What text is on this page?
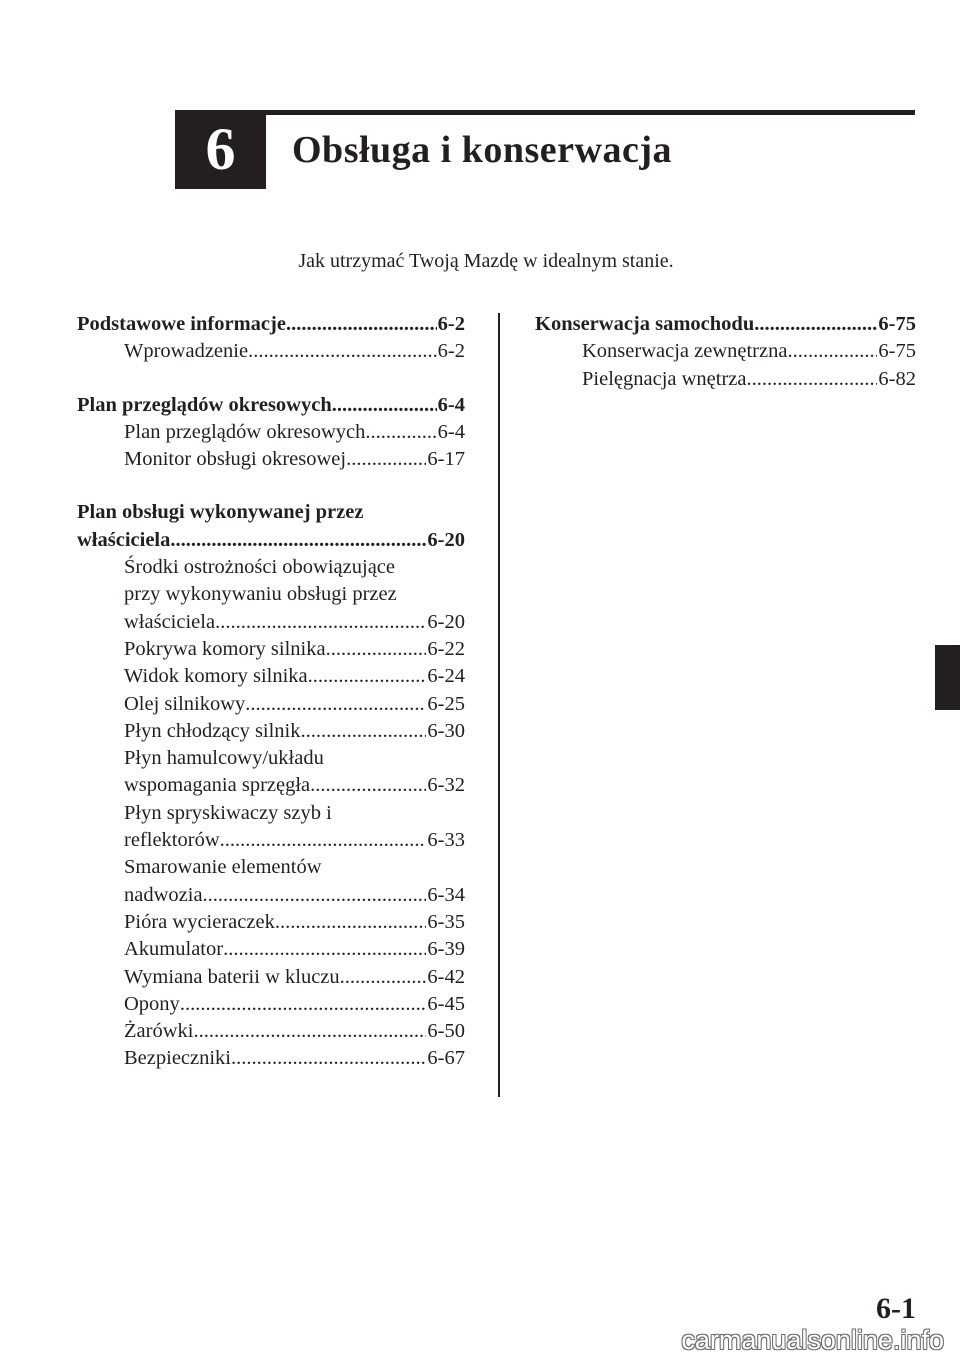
6 Obsługa i konserwacja
Jak utrzymać Twoją Mazdę w idealnym stanie.
Podstawowe informacje .....	6-2
Wprowadzenie .....	6-2
Plan przeglądów okresowych .....	6-4
Plan przeglądów okresowych .....	6-4
Monitor obsługi okresowej .....	6-17
Plan obsługi wykonywanej przez
właściciela .....	6-20
Środki ostrożności obowiązujące
przy wykonywaniu obsługi przez
właściciela .....	6-20
Pokrywa komory silnika .....	6-22
Widok komory silnika .....	6-24
Olej silnikowy .....	6-25
Płyn chłodzący silnik .....	6-30
Płyn hamulcowy/układu
wspomagania sprzęgła .....	6-32
Płyn spryskiwaczy szyb i
reflektorów .....	6-33
Smarowanie elementów
nadwozia .....	6-34
Pióra wycieraczek .....	6-35
Akumulator .....	6-39
Wymiana baterii w kluczu .....	6-42
Opony .....	6-45
Żarówki .....	6-50
Bezpieczniki .....	6-67
Konserwacja samochodu .....	6-75
Konserwacja zewnętrzna .....	6-75
Pielęgnacja wnętrza .....	6-82
6-1
carmanualsonline.info
